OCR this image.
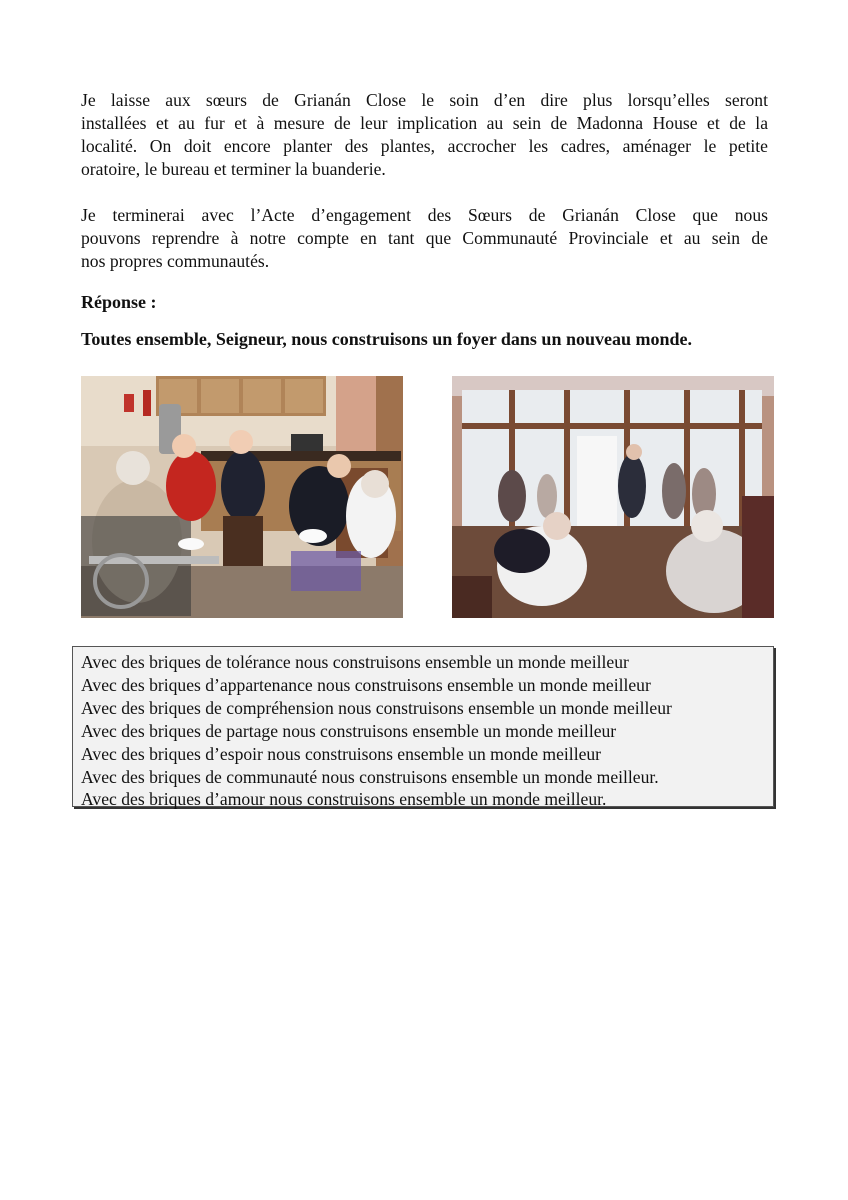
Je laisse aux sœurs de Grianán Close le soin d’en dire plus lorsqu’elles seront
installées et au fur et à mesure de leur implication au sein de Madonna House et de la
localité. On doit encore planter des plantes, accrocher les cadres, aménager le petite
oratoire, le bureau et terminer la buanderie.
Je terminerai avec l’Acte d’engagement des Sœurs de Grianán Close que nous
pouvons reprendre à notre compte en tant que Communauté Provinciale et au sein de
nos propres communautés.

Réponse :

Toutes ensemble, Seigneur, nous construisons un foyer dans un nouveau monde.

Avec des briques de tolérance nous construisons ensemble un monde meilleur
Avec des briques d’appartenance nous construisons ensemble un monde meilleur
Avec des briques de compréhension nous construisons ensemble un monde meilleur
Avec des briques de partage nous construisons ensemble un monde meilleur
Avec des briques d’espoir nous construisons ensemble un monde meilleur
Avec des briques de communauté nous construisons ensemble un monde meilleur.
Avec des briques d’amour nous construisons ensemble un monde meilleur.
